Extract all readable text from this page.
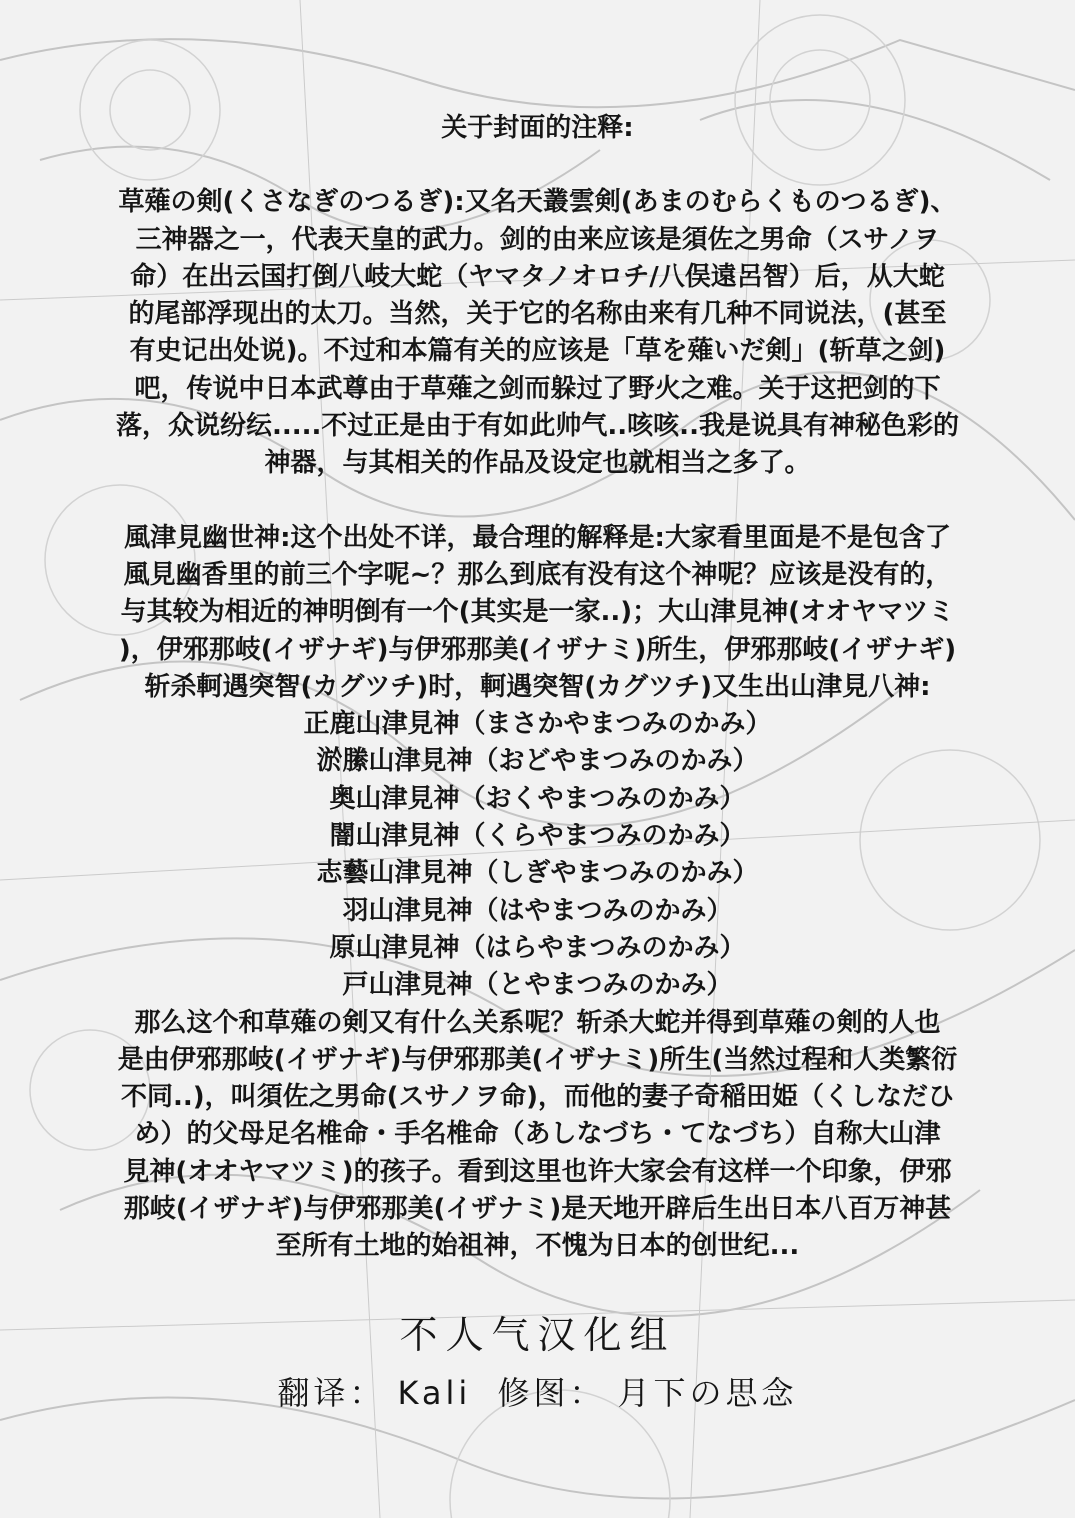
关于封面的注释:
草薙の剣(くさなぎのつるぎ):又名天叢雲剣(あまのむらくものつるぎ)、
三神器之一，代表天皇的武力。剑的由来应该是須佐之男命（スサノヲ
命）在出云国打倒八岐大蛇（ヤマタノオロチ/八俣遠呂智）后，从大蛇
的尾部浮现出的太刀。当然，关于它的名称由来有几种不同说法，(甚至
有史记出处说)。不过和本篇有关的应该是「草を薙いだ剣」(斩草之剑)
吧，传说中日本武尊由于草薙之剑而躲过了野火之难。关于这把剑的下
落，众说纷纭.....不过正是由于有如此帅气..咳咳..我是说具有神秘色彩的
神器，与其相关的作品及设定也就相当之多了。
風津見幽世神:这个出处不详，最合理的解释是:大家看里面是不是包含了
風見幽香里的前三个字呢~？那么到底有没有这个神呢？应该是没有的，
与其较为相近的神明倒有一个(其实是一家..)；大山津見神(オオヤマツミ
)，伊邪那岐(イザナギ)与伊邪那美(イザナミ)所生，伊邪那岐(イザナギ)
斩杀軻遇突智(カグツチ)时，軻遇突智(カグツチ)又生出山津見八神:
正鹿山津見神（まさかやまつみのかみ）
淤縢山津見神（おどやまつみのかみ）
奥山津見神（おくやまつみのかみ）
闇山津見神（くらやまつみのかみ）
志藝山津見神（しぎやまつみのかみ）
羽山津見神（はやまつみのかみ）
原山津見神（はらやまつみのかみ）
戸山津見神（とやまつみのかみ）
那么这个和草薙の剣又有什么关系呢？斩杀大蛇并得到草薙の剣的人也
是由伊邪那岐(イザナギ)与伊邪那美(イザナミ)所生(当然过程和人类繁衍
不同..)，叫須佐之男命(スサノヲ命)，而他的妻子奇稲田姫（くしなだひ
め）的父母足名椎命・手名椎命（あしなづち・てなづち）自称大山津
見神(オオヤマツミ)的孩子。看到这里也许大家会有这样一个印象，伊邪
那岐(イザナギ)与伊邪那美(イザナミ)是天地开辟后生出日本八百万神甚
至所有土地的始祖神，不愧为日本的创世纪...
不人气汉化组
翻译： Kali 修图： 月下の思念
